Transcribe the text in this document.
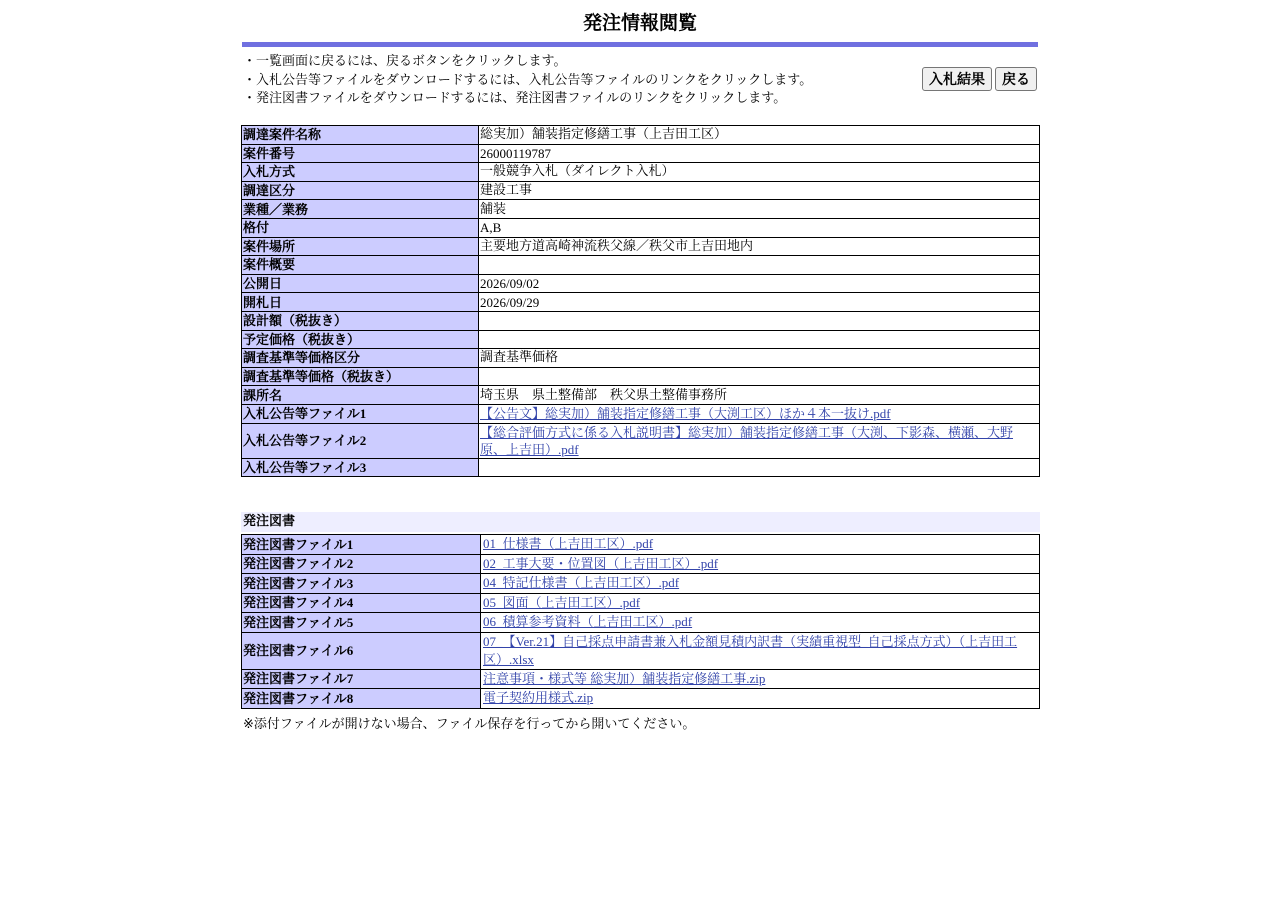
発注情報閲覧
・一覧画面に戻るには、戻るボタンをクリックします。
・入札公告等ファイルをダウンロードするには、入札公告等ファイルのリンクをクリックします。
・発注図書ファイルをダウンロードするには、発注図書ファイルのリンクをクリックします。
入札結果	戻る
調達案件名称	総実加）舗装指定修繕工事（上吉田工区）
案件番号	26000119787
入札方式	一般競争入札（ダイレクト入札）
調達区分	建設工事
業種／業務	舗装
格付	A,B
案件場所	主要地方道高崎神流秩父線／秩父市上吉田地内
案件概要	
公開日	2026/09/02
開札日	2026/09/29
設計額（税抜き）	
予定価格（税抜き）	
調査基準等価格区分	調査基準価格
調査基準等価格（税抜き）	
課所名	埼玉県　県土整備部　秩父県土整備事務所
入札公告等ファイル1	【公告文】総実加）舗装指定修繕工事（大渕工区）ほか４本一抜け.pdf
入札公告等ファイル2	【総合評価方式に係る入札説明書】総実加）舗装指定修繕工事（大渕、下影森、横瀬、大野原、上吉田）.pdf
入札公告等ファイル3	
発注図書
発注図書ファイル1	01_仕様書（上吉田工区）.pdf
発注図書ファイル2	02_工事大要・位置図（上吉田工区）.pdf
発注図書ファイル3	04_特記仕様書（上吉田工区）.pdf
発注図書ファイル4	05_図面（上吉田工区）.pdf
発注図書ファイル5	06_積算参考資料（上吉田工区）.pdf
発注図書ファイル6	07_【Ver.21】自己採点申請書兼入札金額見積内訳書（実績重視型_自己採点方式）（上吉田工区）.xlsx
発注図書ファイル7	注意事項・様式等 総実加）舗装指定修繕工事.zip
発注図書ファイル8	電子契約用様式.zip
※添付ファイルが開けない場合、ファイル保存を行ってから開いてください。
